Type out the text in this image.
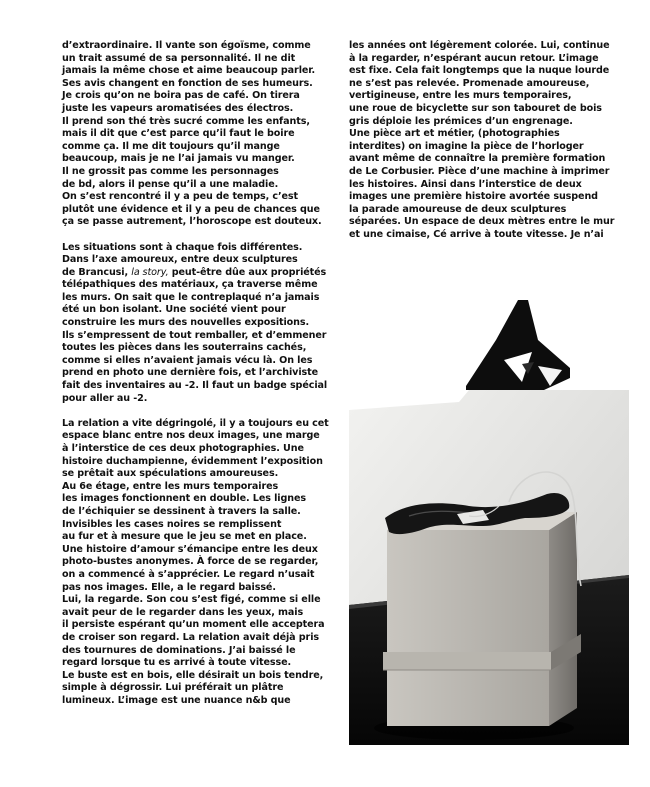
d’extraordinaire. Il vante son égoïsme, comme
un trait assumé de sa personnalité. Il ne dit
jamais la même chose et aime beaucoup parler.
Ses avis changent en fonction de ses humeurs.
Je crois qu’on ne boira pas de café. On tirera
juste les vapeurs aromatisées des électros.
Il prend son thé très sucré comme les enfants,
mais il dit que c’est parce qu’il faut le boire
comme ça. Il me dit toujours qu’il mange
beaucoup, mais je ne l’ai jamais vu manger.
Il ne grossit pas comme les personnages
de bd, alors il pense qu’il a une maladie.
On s’est rencontré il y a peu de temps, c’est
plutôt une évidence et il y a peu de chances que
ça se passe autrement, l’horoscope est douteux.

Les situations sont à chaque fois différentes.
Dans l’axe amoureux, entre deux sculptures
de Brancusi, la story, peut-être dûe aux propriétés
télépathiques des matériaux, ça traverse même
les murs. On sait que le contreplaqué n’a jamais
été un bon isolant. Une société vient pour
construire les murs des nouvelles expositions.
Ils s’empressent de tout remballer, et d’emmener
toutes les pièces dans les souterrains cachés,
comme si elles n’avaient jamais vécu là. On les
prend en photo une dernière fois, et l’archiviste
fait des inventaires au -2. Il faut un badge spécial
pour aller au -2.

La relation a vite dégringolé, il y a toujours eu cet
espace blanc entre nos deux images, une marge
à l’interstice de ces deux photographies. Une
histoire duchampienne, évidemment l’exposition
se prêtait aux spéculations amoureuses.
Au 6e étage, entre les murs temporaires
les images fonctionnent en double. Les lignes
de l’échiquier se dessinent à travers la salle.
Invisibles les cases noires se remplissent
au fur et à mesure que le jeu se met en place.
Une histoire d’amour s’émancipe entre les deux
photo-bustes anonymes. À force de se regarder,
on a commencé à s’apprécier. Le regard n’usait
pas nos images. Elle, a le regard baissé.
Lui, la regarde. Son cou s’est figé, comme si elle
avait peur de le regarder dans les yeux, mais
il persiste espérant qu’un moment elle acceptera
de croiser son regard. La relation avait déjà pris
des tournures de dominations. J’ai baissé le
regard lorsque tu es arrivé à toute vitesse.
Le buste est en bois, elle désirait un bois tendre,
simple à dégrossir. Lui préférait un plâtre
lumineux. L’image est une nuance n&b que

les années ont légèrement colorée. Lui, continue
à la regarder, n’espérant aucun retour. L’image
est fixe. Cela fait longtemps que la nuque lourde
ne s’est pas relevée. Promenade amoureuse,
vertigineuse, entre les murs temporaires,
une roue de bicyclette sur son tabouret de bois
gris déploie les prémices d’un engrenage.
Une pièce art et métier, (photographies
interdites) on imagine la pièce de l’horloger
avant même de connaître la première formation
de Le Corbusier. Pièce d’une machine à imprimer
les histoires. Ainsi dans l’interstice de deux
images une première histoire avortée suspend
la parade amoureuse de deux sculptures
séparées. Un espace de deux mètres entre le mur
et une cimaise, Cé arrive à toute vitesse. Je n’ai
